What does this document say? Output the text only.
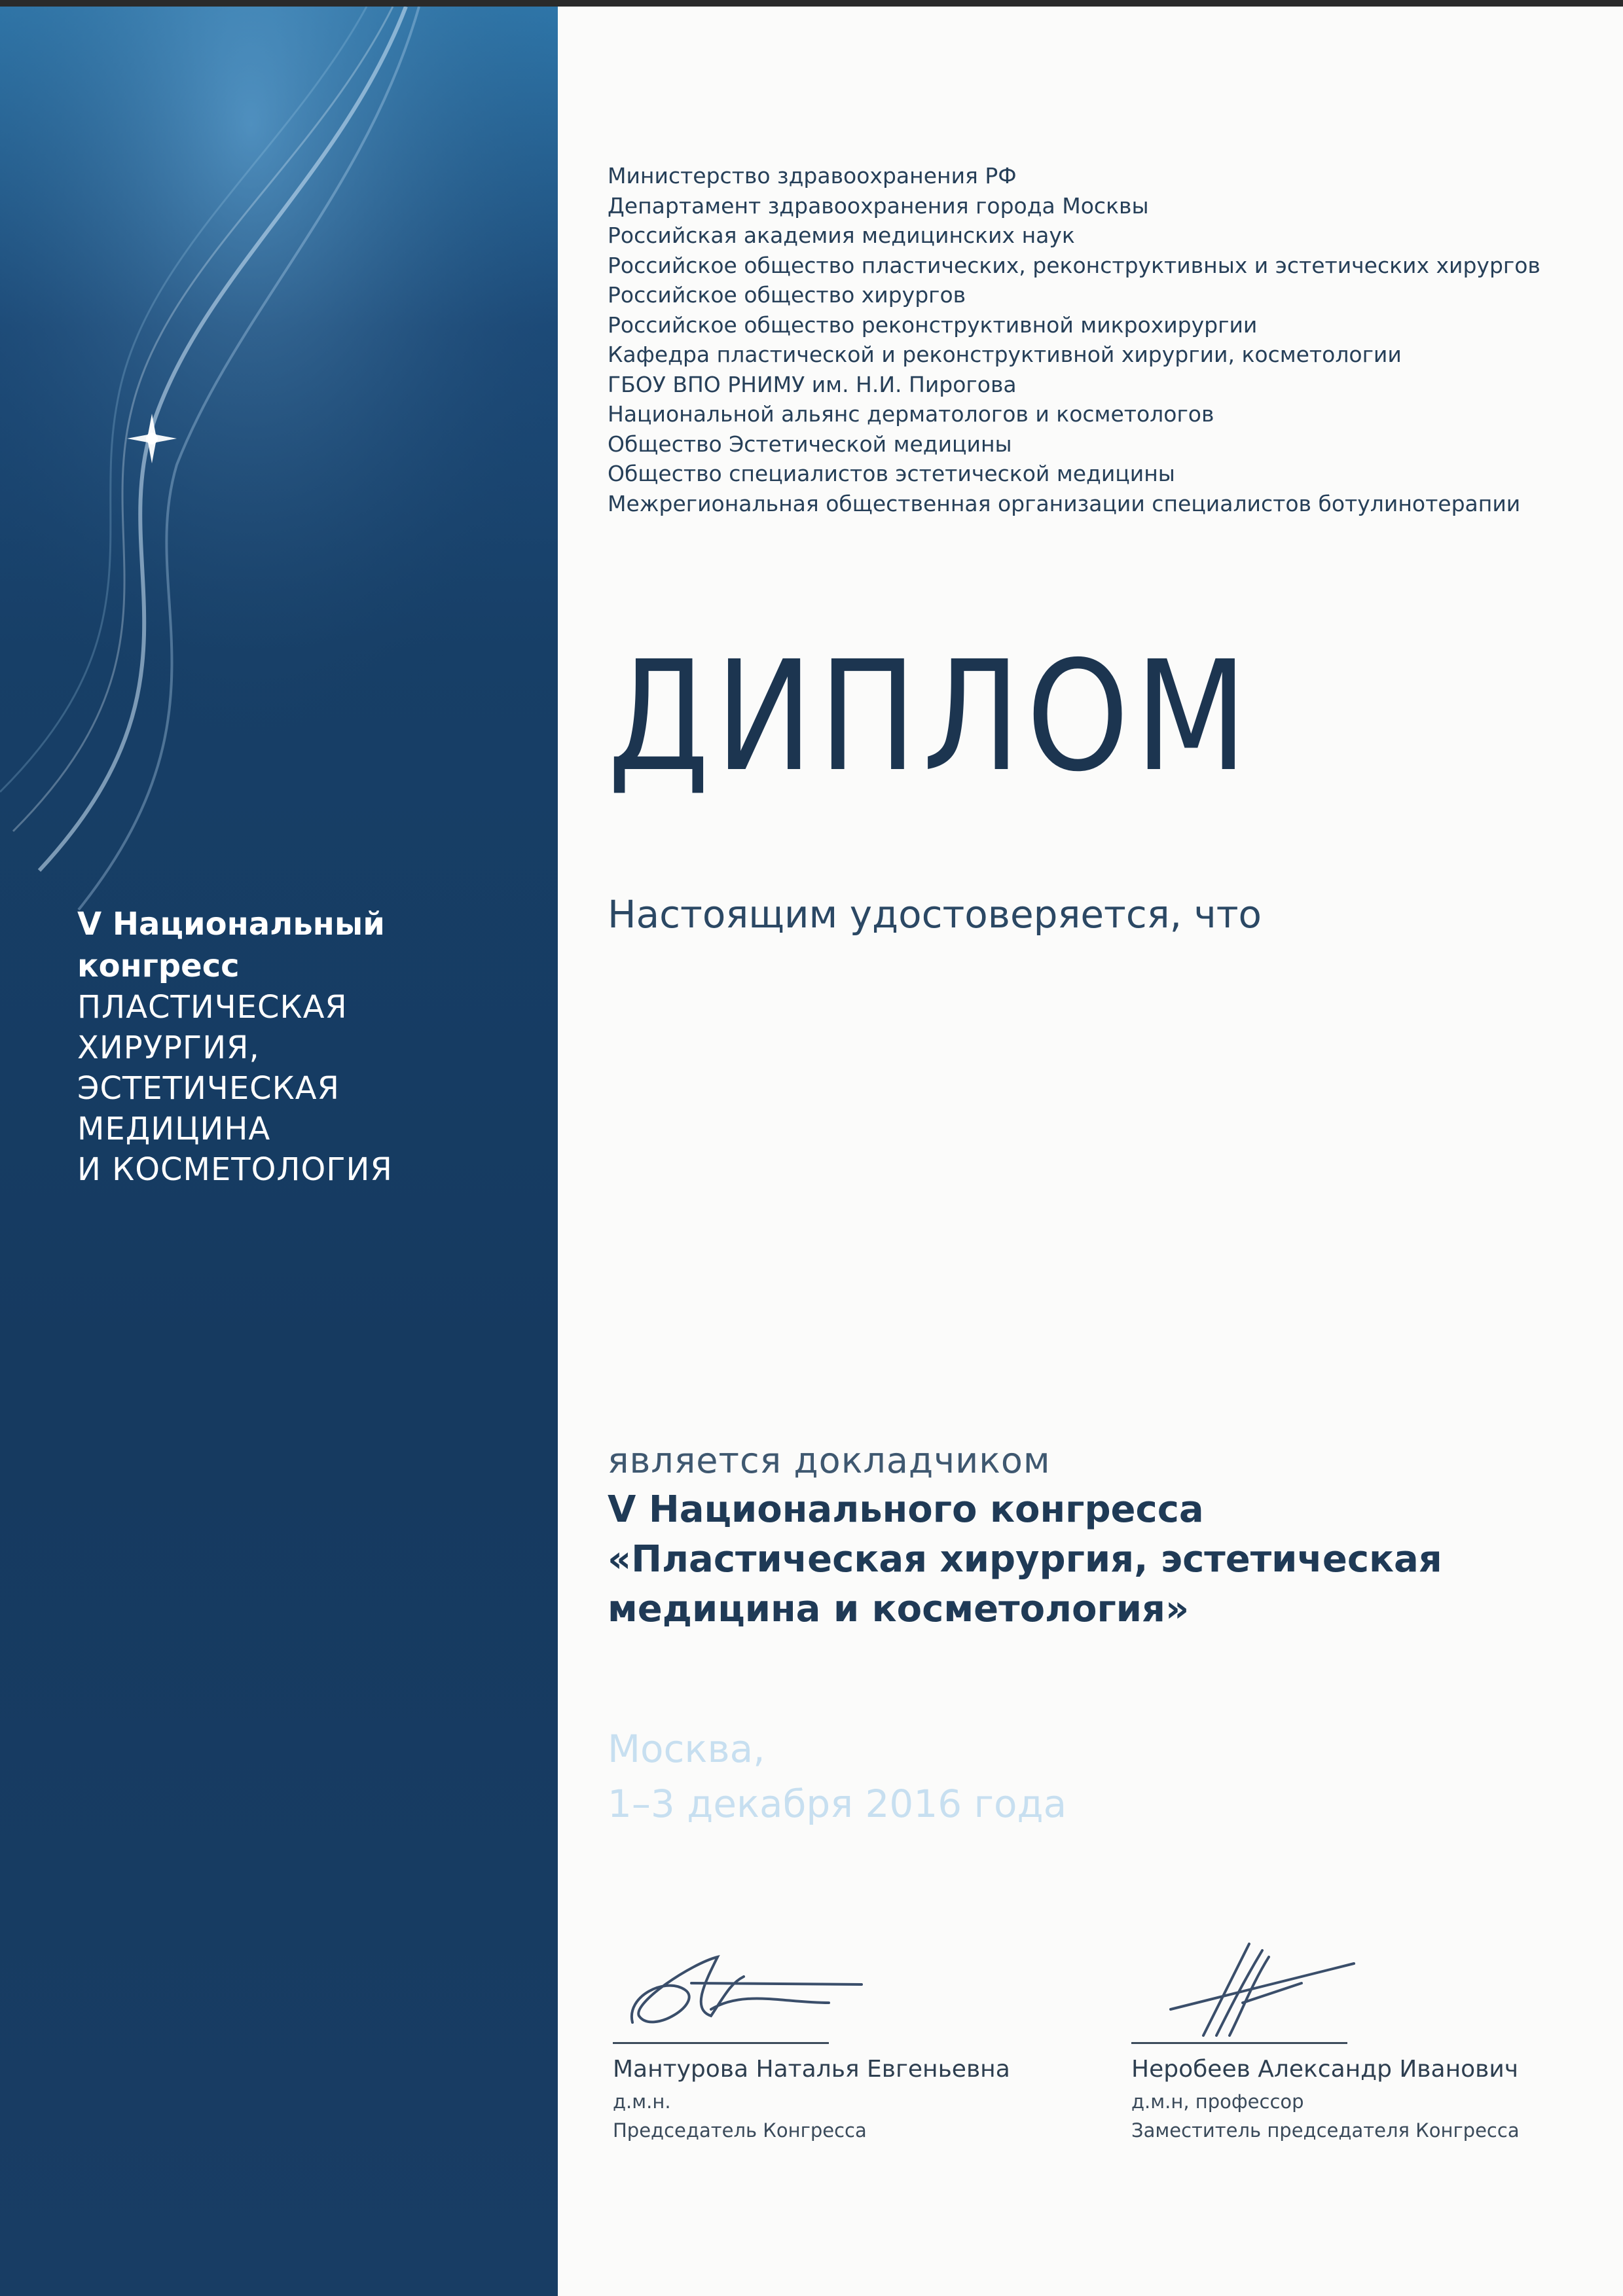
V Национальный конгресс
ПЛАСТИЧЕСКАЯ ХИРУРГИЯ,
ЭСТЕТИЧЕСКАЯ МЕДИЦИНА
И КОСМЕТОЛОГИЯ
Министерство здравоохранения РФ
Департамент здравоохранения города Москвы
Российская академия медицинских наук
Российское общество пластических, реконструктивных и эстетических хирургов
Российское общество хирургов
Российское общество реконструктивной микрохирургии
Кафедра пластической и реконструктивной хирургии, косметологии
ГБОУ ВПО РНИМУ им. Н.И. Пирогова
Национальной альянс дерматологов и косметологов
Общество Эстетической медицины
Общество специалистов эстетической медицины
Межрегиональная общественная организации специалистов ботулинотерапии
ДИПЛОМ
Настоящим удостоверяется, что
является докладчиком
V Национального конгресса
«Пластическая хирургия, эстетическая
медицина и косметология»
Москва,
1–3 декабря 2016 года
Мантурова Наталья Евгеньевна
д.м.н.
Председатель Конгресса
Неробеев Александр Иванович
д.м.н, профессор
Заместитель председателя Конгресса
